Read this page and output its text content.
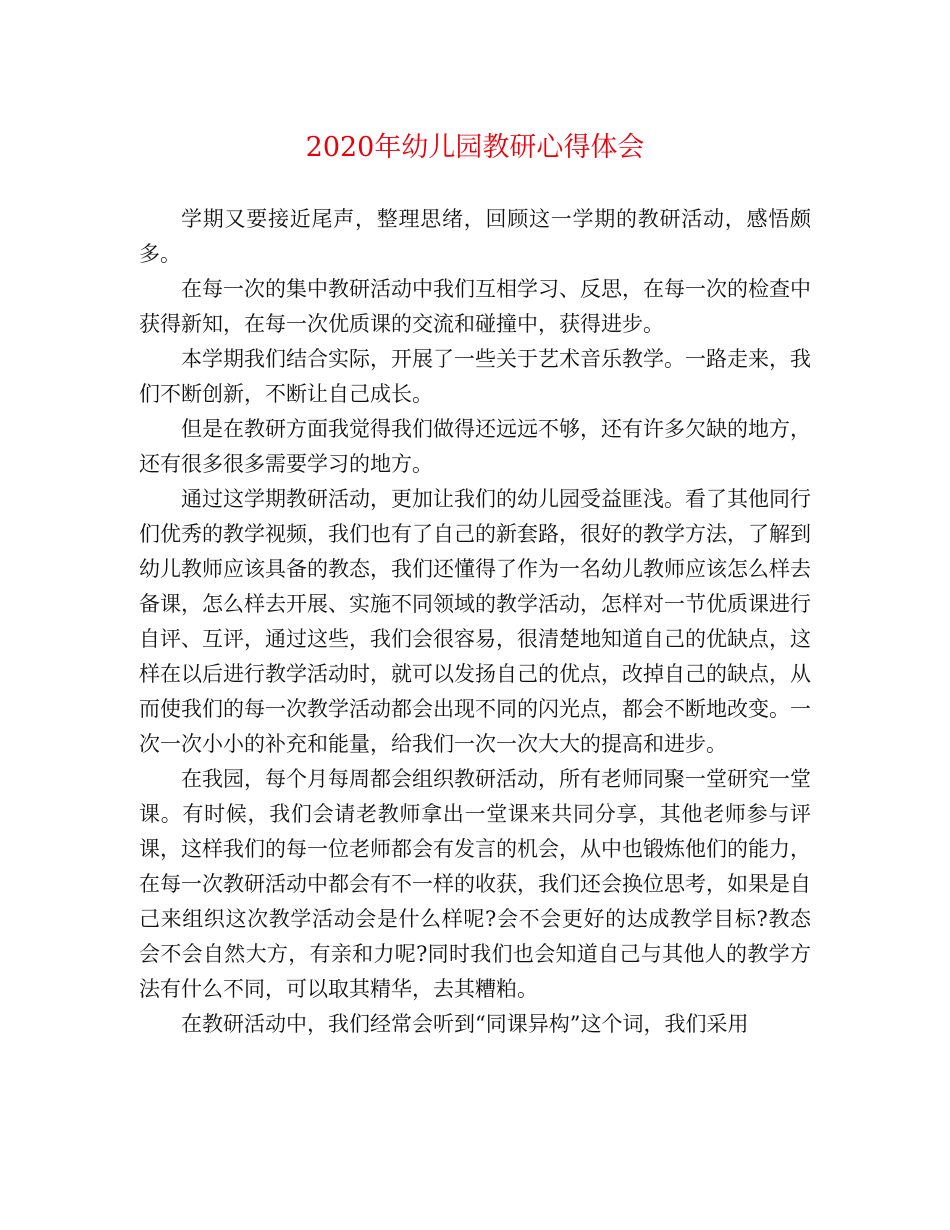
2020年幼儿园教研心得体会

学期又要接近尾声，整理思绪，回顾这一学期的教研活动，感悟颇多。

在每一次的集中教研活动中我们互相学习、反思，在每一次的检查中获得新知，在每一次优质课的交流和碰撞中，获得进步。

本学期我们结合实际，开展了一些关于艺术音乐教学。一路走来，我们不断创新，不断让自己成长。

但是在教研方面我觉得我们做得还远远不够，还有许多欠缺的地方，还有很多很多需要学习的地方。

通过这学期教研活动，更加让我们的幼儿园受益匪浅。看了其他同行们优秀的教学视频，我们也有了自己的新套路，很好的教学方法，了解到幼儿教师应该具备的教态，我们还懂得了作为一名幼儿教师应该怎么样去备课，怎么样去开展、实施不同领域的教学活动，怎样对一节优质课进行自评、互评，通过这些，我们会很容易，很清楚地知道自己的优缺点，这样在以后进行教学活动时，就可以发扬自己的优点，改掉自己的缺点，从而使我们的每一次教学活动都会出现不同的闪光点，都会不断地改变。一次一次小小的补充和能量，给我们一次一次大大的提高和进步。

在我园，每个月每周都会组织教研活动，所有老师同聚一堂研究一堂课。有时候，我们会请老教师拿出一堂课来共同分享，其他老师参与评课，这样我们的每一位老师都会有发言的机会，从中也锻炼他们的能力，在每一次教研活动中都会有不一样的收获，我们还会换位思考，如果是自己来组织这次教学活动会是什么样呢?会不会更好的达成教学目标?教态会不会自然大方，有亲和力呢?同时我们也会知道自己与其他人的教学方法有什么不同，可以取其精华，去其糟粕。

在教研活动中，我们经常会听到“同课异构”这个词，我们采用
